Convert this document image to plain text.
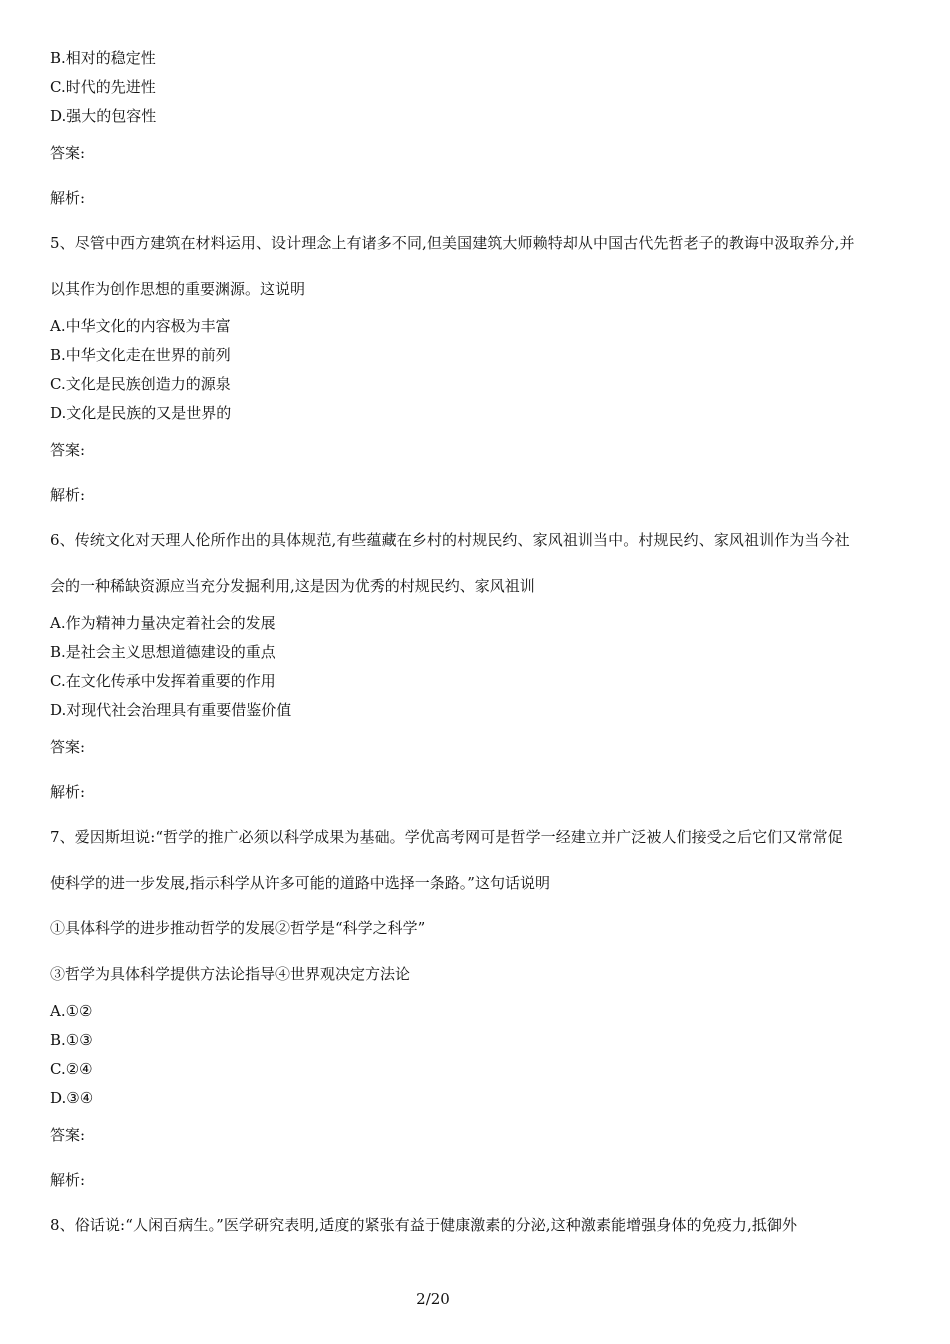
B.相对的稳定性
C.时代的先进性
D.强大的包容性
答案:
解析:
5、尽管中西方建筑在材料运用、设计理念上有诸多不同,但美国建筑大师赖特却从中国古代先哲老子的教诲中汲取养分,并
以其作为创作思想的重要渊源。这说明
A.中华文化的内容极为丰富
B.中华文化走在世界的前列
C.文化是民族创造力的源泉
D.文化是民族的又是世界的
答案:
解析:
6、传统文化对天理人伦所作出的具体规范,有些蕴藏在乡村的村规民约、家风祖训当中。村规民约、家风祖训作为当今社
会的一种稀缺资源应当充分发掘利用,这是因为优秀的村规民约、家风祖训
A.作为精神力量决定着社会的发展
B.是社会主义思想道德建设的重点
C.在文化传承中发挥着重要的作用
D.对现代社会治理具有重要借鉴价值
答案:
解析:
7、爱因斯坦说:“哲学的推广必须以科学成果为基础。学优高考网可是哲学一经建立并广泛被人们接受之后它们又常常促
使科学的进一步发展,指示科学从许多可能的道路中选择一条路。”这句话说明
①具体科学的进步推动哲学的发展②哲学是“科学之科学”
③哲学为具体科学提供方法论指导④世界观决定方法论
A.①②
B.①③
C.②④
D.③④
答案:
解析:
8、俗话说:“人闲百病生。”医学研究表明,适度的紧张有益于健康激素的分泌,这种激素能增强身体的免疫力,抵御外
2/20
